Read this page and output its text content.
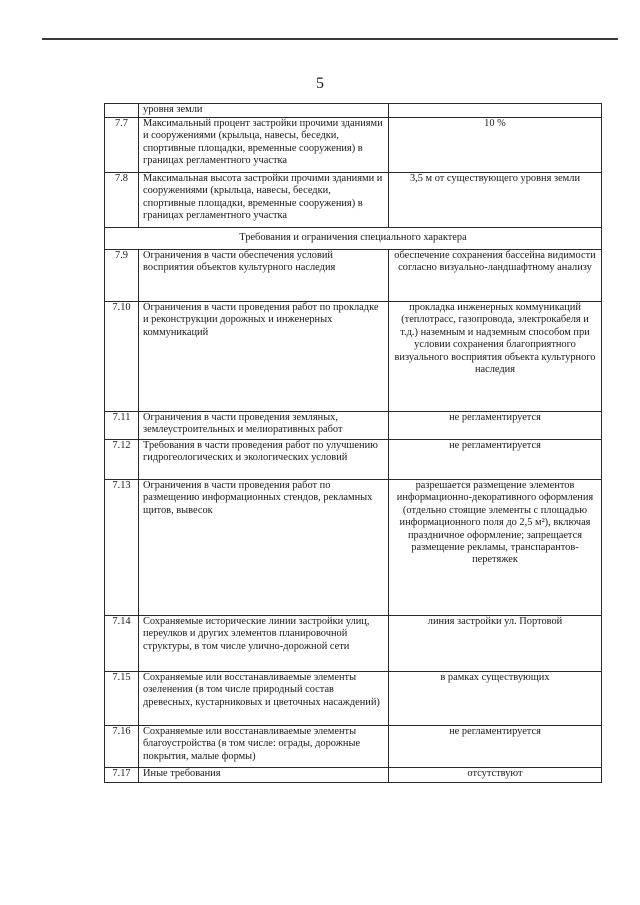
5
	уровня земли	
7.7	Максимальный процент застройки прочими зданиями и сооружениями (крыльца, навесы, беседки, спортивные площадки, временные сооружения) в границах регламентного участка	10 %
7.8	Максимальная высота застройки прочими зданиями и сооружениями (крыльца, навесы, беседки, спортивные площадки, временные сооружения) в границах регламентного участка	3,5 м от существующего уровня земли
Требования и ограничения специального характера		
7.9	Ограничения в части обеспечения условий восприятия объектов культурного наследия	обеспечение сохранения бассейна видимости согласно визуально-ландшафтному анализу
7.10	Ограничения в части проведения работ по прокладке и реконструкции дорожных и инженерных коммуникаций	прокладка инженерных коммуникаций (теплотрасс, газопровода, электрокабеля и т.д.) наземным и надземным способом при условии сохранения благоприятного визуального восприятия объекта культурного наследия
7.11	Ограничения в части проведения земляных, землеустроительных и мелиоративных работ	не регламентируется
7.12	Требования в части проведения работ по улучшению гидрогеологических и экологических условий	не регламентируется
7.13	Ограничения в части проведения работ по размещению информационных стендов, рекламных щитов, вывесок	разрешается размещение элементов информационно-декоративного оформления (отдельно стоящие элементы с площадью информационного поля до 2,5 м²), включая праздничное оформление; запрещается размещение рекламы, транспарантов-перетяжек
7.14	Сохраняемые исторические линии застройки улиц, переулков и других элементов планировочной структуры, в том числе улично-дорожной сети	линия застройки ул. Портовой
7.15	Сохраняемые или восстанавливаемые элементы озеленения (в том числе природный состав древесных, кустарниковых и цветочных насаждений)	в рамках существующих
7.16	Сохраняемые или восстанавливаемые элементы благоустройства (в том числе: ограды, дорожные покрытия, малые формы)	не регламентируется
7.17	Иные требования	отсутствуют
